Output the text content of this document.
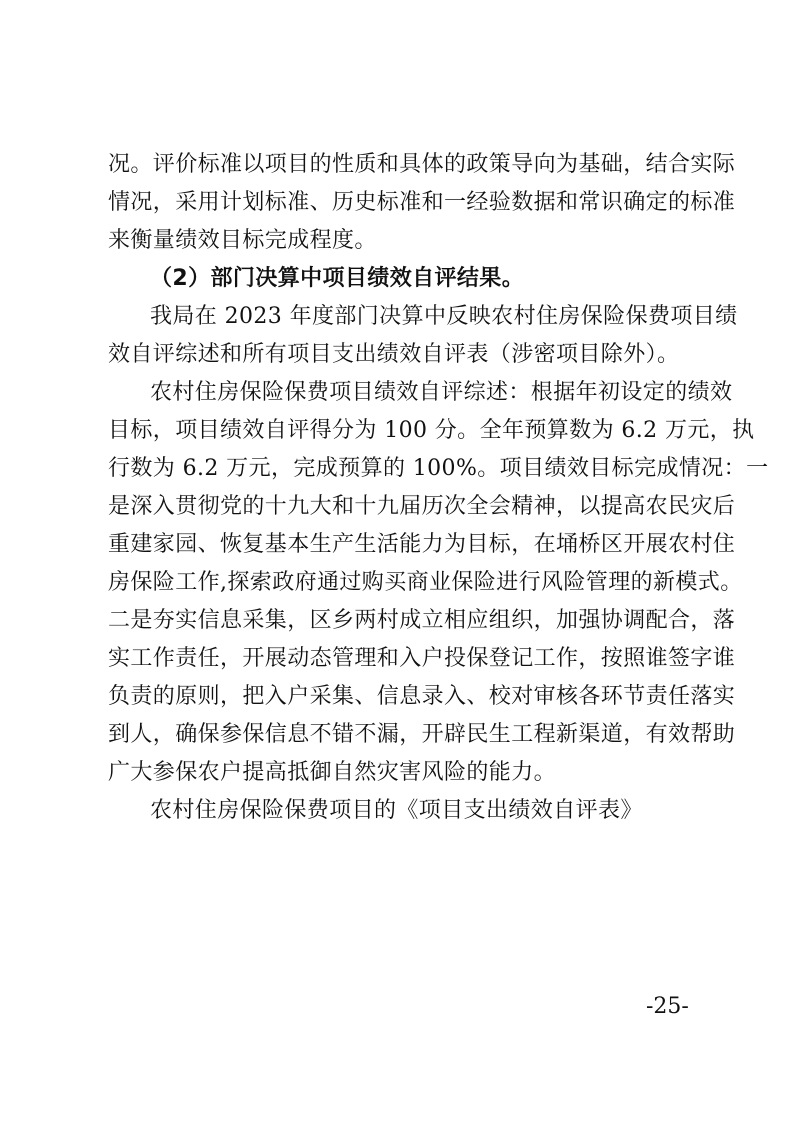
况。评价标准以项目的性质和具体的政策导向为基础，结合实际
情况，采用计划标准、历史标准和一经验数据和常识确定的标准
来衡量绩效目标完成程度。
（2）部门决算中项目绩效自评结果。
我局在 2023 年度部门决算中反映农村住房保险保费项目绩
效自评综述和所有项目支出绩效自评表（涉密项目除外）。
农村住房保险保费项目绩效自评综述：根据年初设定的绩效
目标，项目绩效自评得分为 100 分。全年预算数为 6.2 万元，执
行数为 6.2 万元，完成预算的 100%。项目绩效目标完成情况：一
是深入贯彻党的十九大和十九届历次全会精神，以提高农民灾后
重建家园、恢复基本生产生活能力为目标，在埇桥区开展农村住
房保险工作,探索政府通过购买商业保险进行风险管理的新模式。
二是夯实信息采集，区乡两村成立相应组织，加强协调配合，落
实工作责任，开展动态管理和入户投保登记工作，按照谁签字谁
负责的原则，把入户采集、信息录入、校对审核各环节责任落实
到人，确保参保信息不错不漏，开辟民生工程新渠道，有效帮助
广大参保农户提高抵御自然灾害风险的能力。
农村住房保险保费项目的《项目支出绩效自评表》
-25-
